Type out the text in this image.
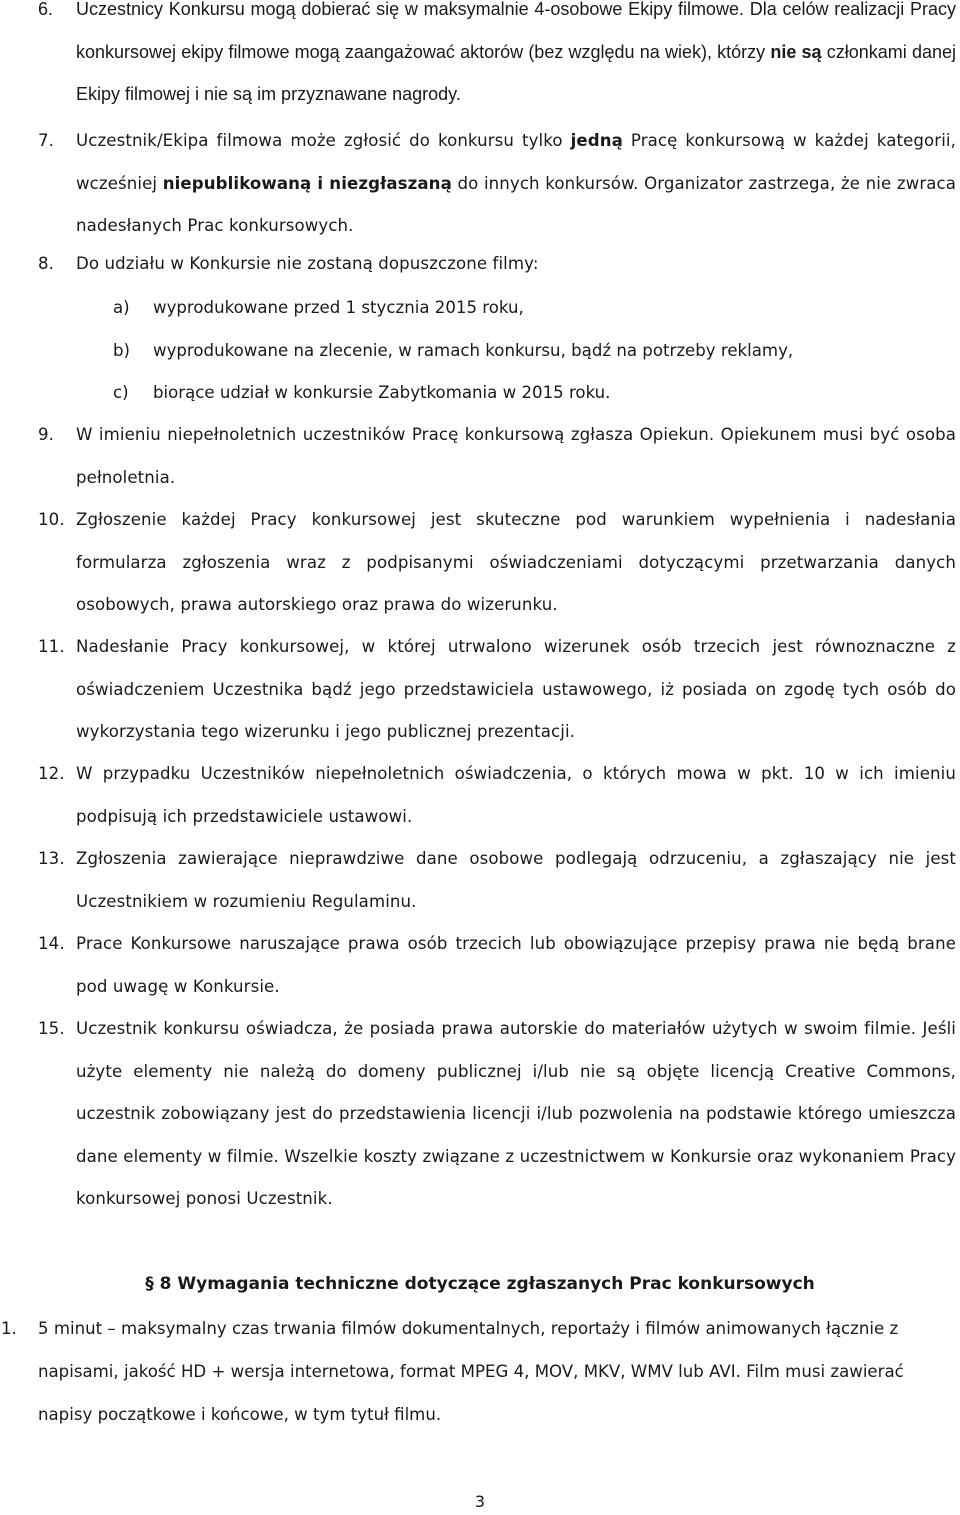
6. Uczestnicy Konkursu mogą dobierać się w maksymalnie 4-osobowe Ekipy filmowe. Dla celów realizacji Pracy konkursowej ekipy filmowe mogą zaangażować aktorów (bez względu na wiek), którzy nie są członkami danej Ekipy filmowej i nie są im przyznawane nagrody.

7. Uczestnik/Ekipa filmowa może zgłosić do konkursu tylko jedną Pracę konkursową w każdej kategorii, wcześniej niepublikowaną i niezgłaszaną do innych konkursów. Organizator zastrzega, że nie zwraca nadesłanych Prac konkursowych.

8. Do udziału w Konkursie nie zostaną dopuszczone filmy:

a) wyprodukowane przed 1 stycznia 2015 roku,

b) wyprodukowane na zlecenie, w ramach konkursu, bądź na potrzeby reklamy,

c) biorące udział w konkursie Zabytkomania w 2015 roku.

9. W imieniu niepełnoletnich uczestników Pracę konkursową zgłasza Opiekun. Opiekunem musi być osoba pełnoletnia.

10. Zgłoszenie każdej Pracy konkursowej jest skuteczne pod warunkiem wypełnienia i nadesłania formularza zgłoszenia wraz z podpisanymi oświadczeniami dotyczącymi przetwarzania danych osobowych, prawa autorskiego oraz prawa do wizerunku.

11. Nadesłanie Pracy konkursowej, w której utrwalono wizerunek osób trzecich jest równoznaczne z oświadczeniem Uczestnika bądź jego przedstawiciela ustawowego, iż posiada on zgodę tych osób do wykorzystania tego wizerunku i jego publicznej prezentacji.

12. W przypadku Uczestników niepełnoletnich oświadczenia, o których mowa w pkt. 10 w ich imieniu podpisują ich przedstawiciele ustawowi.

13. Zgłoszenia zawierające nieprawdziwe dane osobowe podlegają odrzuceniu, a zgłaszający nie jest Uczestnikiem w rozumieniu Regulaminu.

14. Prace Konkursowe naruszające prawa osób trzecich lub obowiązujące przepisy prawa nie będą brane pod uwagę w Konkursie.

15. Uczestnik konkursu oświadcza, że posiada prawa autorskie do materiałów użytych w swoim filmie. Jeśli użyte elementy nie należą do domeny publicznej i/lub nie są objęte licencją Creative Commons, uczestnik zobowiązany jest do przedstawienia licencji i/lub pozwolenia na podstawie którego umieszcza dane elementy w filmie. Wszelkie koszty związane z uczestnictwem w Konkursie oraz wykonaniem Pracy konkursowej ponosi Uczestnik.

§ 8 Wymagania techniczne dotyczące zgłaszanych Prac konkursowych

1. 5 minut – maksymalny czas trwania filmów dokumentalnych, reportaży i filmów animowanych łącznie z napisami, jakość HD + wersja internetowa, format MPEG 4, MOV, MKV, WMV lub AVI. Film musi zawierać napisy początkowe i końcowe, w tym tytuł filmu.

3
